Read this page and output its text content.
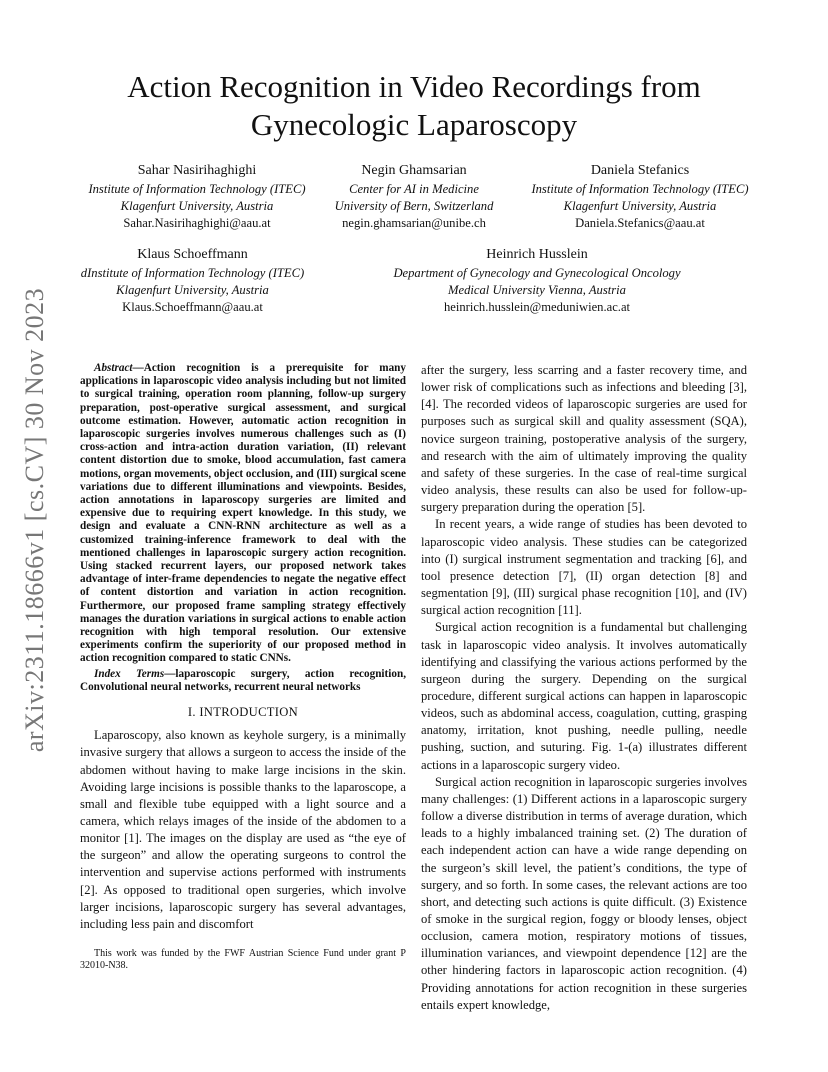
arXiv:2311.18666v1 [cs.CV] 30 Nov 2023
Action Recognition in Video Recordings from Gynecologic Laparoscopy
Sahar Nasirihaghighi
Institute of Information Technology (ITEC)
Klagenfurt University, Austria
Sahar.Nasirihaghighi@aau.at
Negin Ghamsarian
Center for AI in Medicine
University of Bern, Switzerland
negin.ghamsarian@unibe.ch
Daniela Stefanics
Institute of Information Technology (ITEC)
Klagenfurt University, Austria
Daniela.Stefanics@aau.at
Klaus Schoeffmann
dInstitute of Information Technology (ITEC)
Klagenfurt University, Austria
Klaus.Schoeffmann@aau.at
Heinrich Husslein
Department of Gynecology and Gynecological Oncology
Medical University Vienna, Austria
heinrich.husslein@meduniwien.ac.at

Abstract—Action recognition is a prerequisite for many applications in laparoscopic video analysis including but not limited to surgical training, operation room planning, follow-up surgery preparation, post-operative surgical assessment, and surgical outcome estimation. However, automatic action recognition in laparoscopic surgeries involves numerous challenges such as (I) cross-action and intra-action duration variation, (II) relevant content distortion due to smoke, blood accumulation, fast camera motions, organ movements, object occlusion, and (III) surgical scene variations due to different illuminations and viewpoints. Besides, action annotations in laparoscopy surgeries are limited and expensive due to requiring expert knowledge. In this study, we design and evaluate a CNN-RNN architecture as well as a customized training-inference framework to deal with the mentioned challenges in laparoscopic surgery action recognition. Using stacked recurrent layers, our proposed network takes advantage of inter-frame dependencies to negate the negative effect of content distortion and variation in action recognition. Furthermore, our proposed frame sampling strategy effectively manages the duration variations in surgical actions to enable action recognition with high temporal resolution. Our extensive experiments confirm the superiority of our proposed method in action recognition compared to static CNNs.

Index Terms—laparoscopic surgery, action recognition, Convolutional neural networks, recurrent neural networks

I. INTRODUCTION

Laparoscopy, also known as keyhole surgery, is a minimally invasive surgery that allows a surgeon to access the inside of the abdomen without having to make large incisions in the skin. Avoiding large incisions is possible thanks to the laparoscope, a small and flexible tube equipped with a light source and a camera, which relays images of the inside of the abdomen to a monitor [1]. The images on the display are used as “the eye of the surgeon” and allow the operating surgeons to control the intervention and supervise actions performed with instruments [2]. As opposed to traditional open surgeries, which involve larger incisions, laparoscopic surgery has several advantages, including less pain and discomfort

after the surgery, less scarring and a faster recovery time, and lower risk of complications such as infections and bleeding [3], [4]. The recorded videos of laparoscopic surgeries are used for purposes such as surgical skill and quality assessment (SQA), novice surgeon training, postoperative analysis of the surgery, and research with the aim of ultimately improving the quality and safety of these surgeries. In the case of real-time surgical video analysis, these results can also be used for follow-up-surgery preparation during the operation [5].

In recent years, a wide range of studies has been devoted to laparoscopic video analysis. These studies can be categorized into (I) surgical instrument segmentation and tracking [6], and tool presence detection [7], (II) organ detection [8] and segmentation [9], (III) surgical phase recognition [10], and (IV) surgical action recognition [11].

Surgical action recognition is a fundamental but challenging task in laparoscopic video analysis. It involves automatically identifying and classifying the various actions performed by the surgeon during the surgery. Depending on the surgical procedure, different surgical actions can happen in laparoscopic videos, such as abdominal access, coagulation, cutting, grasping anatomy, irritation, knot pushing, needle pulling, needle pushing, suction, and suturing. Fig. 1-(a) illustrates different actions in a laparoscopic surgery video.

Surgical action recognition in laparoscopic surgeries involves many challenges: (1) Different actions in a laparoscopic surgery follow a diverse distribution in terms of average duration, which leads to a highly imbalanced training set. (2) The duration of each independent action can have a wide range depending on the surgeon’s skill level, the patient’s conditions, the type of surgery, and so forth. In some cases, the relevant actions are too short, and detecting such actions is quite difficult. (3) Existence of smoke in the surgical region, foggy or bloody lenses, object occlusion, camera motion, respiratory motions of tissues, illumination variances, and viewpoint dependence [12] are the other hindering factors in laparoscopic action recognition. (4) Providing annotations for action recognition in these surgeries entails expert knowledge,

This work was funded by the FWF Austrian Science Fund under grant P 32010-N38.
